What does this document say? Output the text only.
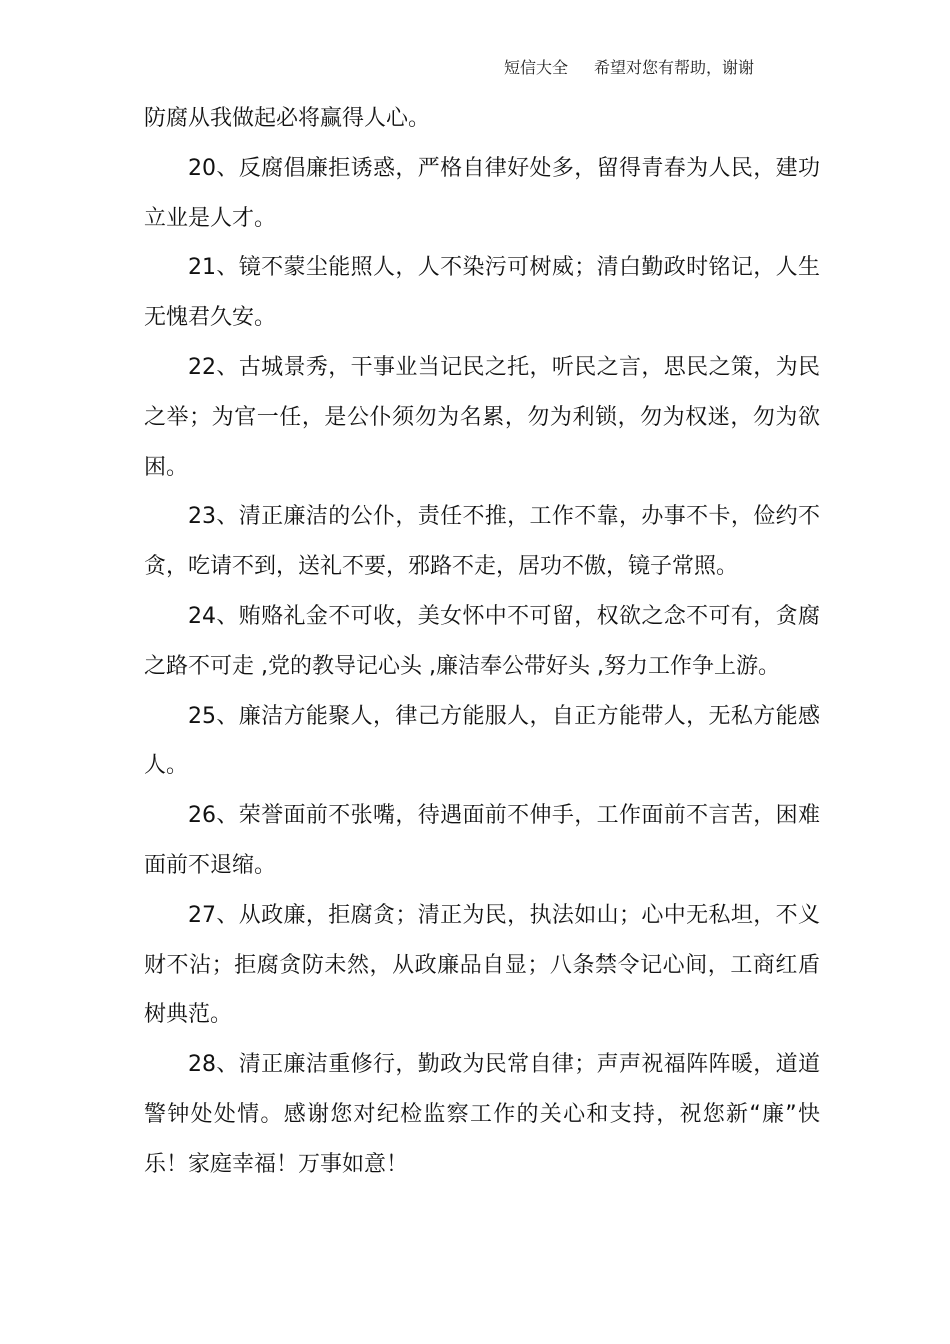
短信大全 希望对您有帮助，谢谢

防腐从我做起必将赢得人心。

20、反腐倡廉拒诱惑，严格自律好处多，留得青春为人民，建功立业是人才。

21、镜不蒙尘能照人，人不染污可树威；清白勤政时铭记，人生无愧君久安。

22、古城景秀，干事业当记民之托，听民之言，思民之策，为民之举；为官一任，是公仆须勿为名累，勿为利锁，勿为权迷，勿为欲困。

23、清正廉洁的公仆，责任不推，工作不靠，办事不卡，俭约不贪，吃请不到，送礼不要，邪路不走，居功不傲，镜子常照。

24、贿赂礼金不可收，美女怀中不可留，权欲之念不可有，贪腐之路不可走 ,党的教导记心头 ,廉洁奉公带好头 ,努力工作争上游。

25、廉洁方能聚人，律己方能服人，自正方能带人，无私方能感人。

26、荣誉面前不张嘴，待遇面前不伸手，工作面前不言苦，困难面前不退缩。

27、从政廉，拒腐贪；清正为民，执法如山；心中无私坦，不义财不沾；拒腐贪防未然，从政廉品自显；八条禁令记心间，工商红盾树典范。

28、清正廉洁重修行，勤政为民常自律；声声祝福阵阵暖，道道警钟处处情。感谢您对纪检监察工作的关心和支持，祝您新“廉”快乐！家庭幸福！万事如意！
